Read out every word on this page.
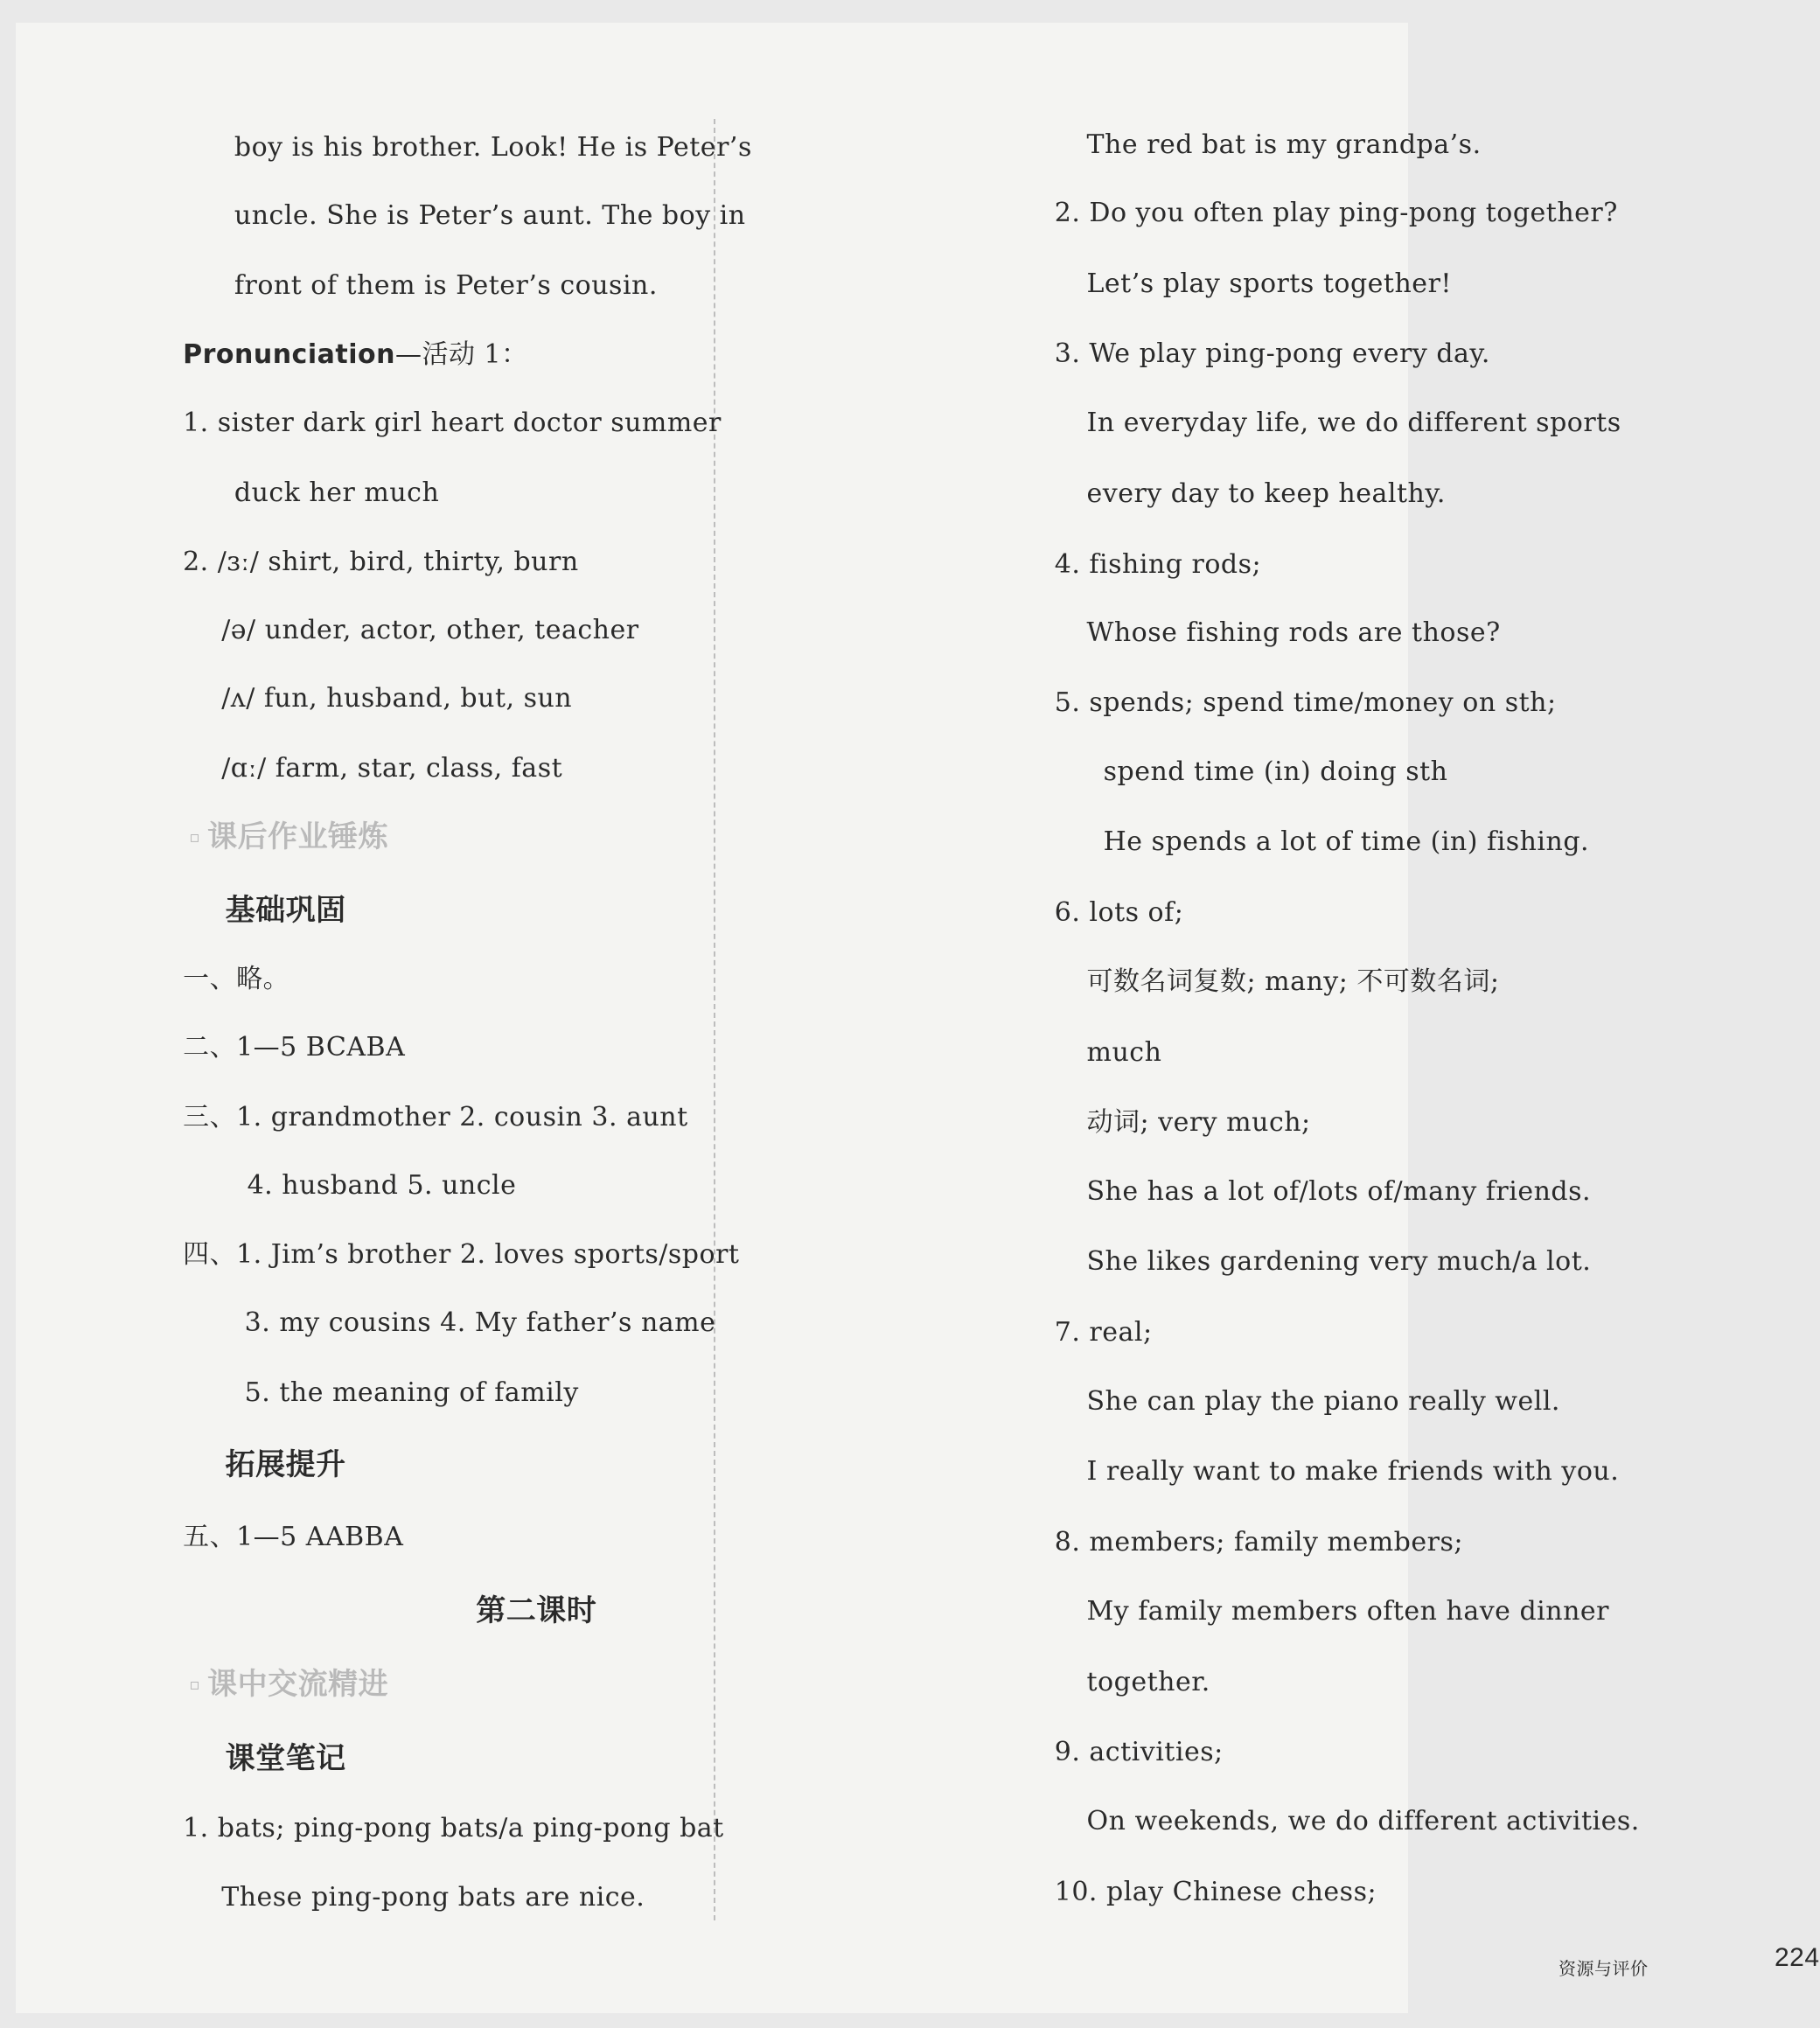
boy is his brother. Look! He is Peter’s
uncle. She is Peter’s aunt. The boy in
front of them is Peter’s cousin.
Pronunciation—活动 1：
1. sister dark girl heart doctor summer
duck her much
2. /ɜː/ shirt, bird, thirty, burn
/ə/ under, actor, other, teacher
/ʌ/ fun, husband, but, sun
/ɑː/ farm, star, class, fast
▫ 课后作业锤炼
基础巩固
一、略。
二、1—5 BCABA
三、1. grandmother 2. cousin 3. aunt
4. husband 5. uncle
四、1. Jim’s brother 2. loves sports/sport
3. my cousins 4. My father’s name
5. the meaning of family
拓展提升
五、1—5 AABBA
第二课时
▫ 课中交流精进
课堂笔记
1. bats; ping-pong bats/a ping-pong bat
These ping-pong bats are nice.
The red bat is my grandpa’s.
2. Do you often play ping-pong together?
Let’s play sports together!
3. We play ping-pong every day.
In everyday life, we do different sports
every day to keep healthy.
4. fishing rods;
Whose fishing rods are those?
5. spends; spend time/money on sth;
spend time (in) doing sth
He spends a lot of time (in) fishing.
6. lots of;
可数名词复数; many; 不可数名词;
much
动词; very much;
She has a lot of/lots of/many friends.
She likes gardening very much/a lot.
7. real;
She can play the piano really well.
I really want to make friends with you.
8. members; family members;
My family members often have dinner
together.
9. activities;
On weekends, we do different activities.
10. play Chinese chess;
资源与评价	224
